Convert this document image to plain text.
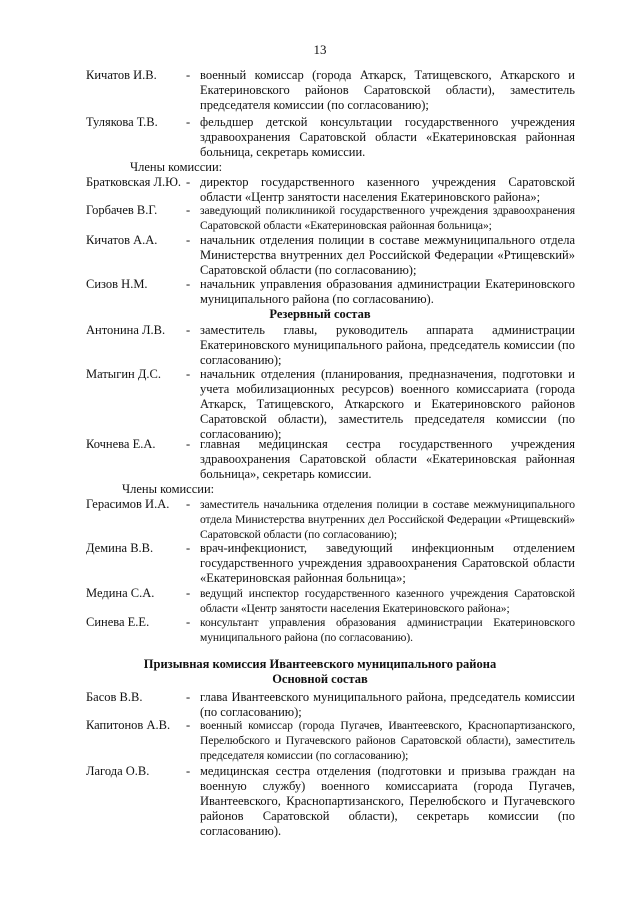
13
Кичатов И.В. - военный комиссар (города Аткарск, Татищевского, Аткарского и Екатериновского районов Саратовской области), заместитель председателя комиссии (по согласованию);
Тулякова Т.В. - фельдшер детской консультации государственного учреждения здравоохранения Саратовской области «Екатериновская районная больница, секретарь комиссии.
Члены комиссии:
Братковская Л.Ю. - директор государственного казенного учреждения Саратовской области «Центр занятости населения Екатериновского района»;
Горбачев В.Г. - заведующий поликлиникой государственного учреждения здравоохранения Саратовской области «Екатериновская районная больница»;
Кичатов А.А. - начальник отделения полиции в составе межмуниципального отдела Министерства внутренних дел Российской Федерации «Ртищевский» Саратовской области (по согласованию);
Сизов Н.М.	- начальник управления образования администрации Екатериновского муниципального района (по согласованию).
Резервный состав
Антонина Л.В. - заместитель главы, руководитель аппарата администрации Екатериновского муниципального района, председатель комиссии (по согласованию);
Матыгин Д.С. - начальник отделения (планирования, предназначения, подготовки и учета мобилизационных ресурсов) военного комиссариата (города Аткарск, Татищевского, Аткарского и Екатериновского районов Саратовской области), заместитель председателя комиссии (по согласованию);
Кочнева Е.А. - главная медицинская сестра государственного учреждения здравоохранения Саратовской области «Екатериновская районная больница», секретарь комиссии.
Члены комиссии:
Герасимов И.А. - заместитель начальника отделения полиции в составе межмуниципального отдела Министерства внутренних дел Российской Федерации «Ртищевский» Саратовской области (по согласованию);
Демина В.В.	- врач-инфекционист, заведующий инфекционным отделением государственного учреждения здравоохранения Саратовской области «Екатериновская районная больница»;
Медина С.А.	- ведущий инспектор государственного казенного учреждения Саратовской области «Центр занятости населения Екатериновского района»;
Синева Е.Е.	- консультант управления образования администрации Екатериновского муниципального района (по согласованию).
Призывная комиссия Ивантеевского муниципального района
Основной состав
Басов В.В.	- глава Ивантеевского муниципального района, председатель комиссии (по согласованию);
Капитонов А.В. - военный комиссар (города Пугачев, Ивантеевского, Краснопартизанского, Перелюбского и Пугачевского районов Саратовской области), заместитель председателя комиссии (по согласованию);
Лагода О.В.	- медицинская сестра отделения (подготовки и призыва граждан на военную службу) военного комиссариата (города Пугачев, Ивантеевского, Краснопартизанского, Перелюбского и Пугачевского районов Саратовской области), секретарь комиссии (по согласованию).
